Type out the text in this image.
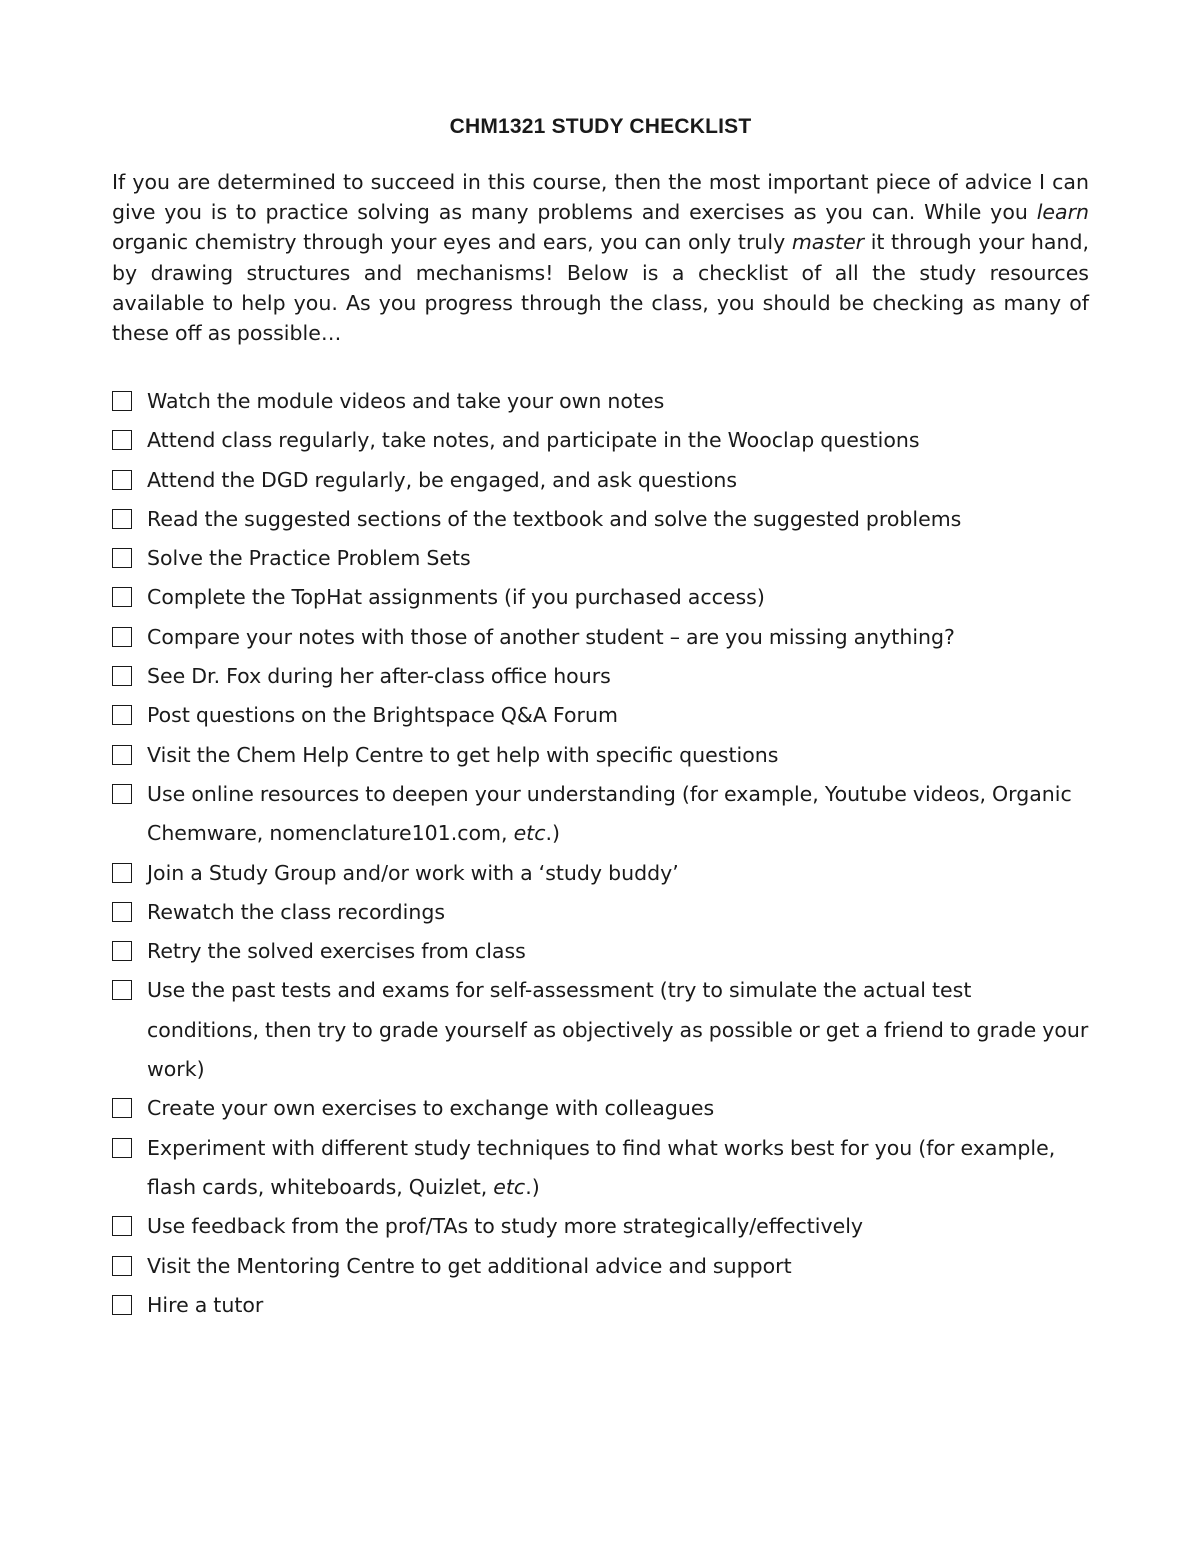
CHM1321 STUDY CHECKLIST
If you are determined to succeed in this course, then the most important piece of advice I can give you is to practice solving as many problems and exercises as you can. While you learn organic chemistry through your eyes and ears, you can only truly master it through your hand, by drawing structures and mechanisms! Below is a checklist of all the study resources available to help you. As you progress through the class, you should be checking as many of these off as possible…
Watch the module videos and take your own notes
Attend class regularly, take notes, and participate in the Wooclap questions
Attend the DGD regularly, be engaged, and ask questions
Read the suggested sections of the textbook and solve the suggested problems
Solve the Practice Problem Sets
Complete the TopHat assignments (if you purchased access)
Compare your notes with those of another student – are you missing anything?
See Dr. Fox during her after-class office hours
Post questions on the Brightspace Q&A Forum
Visit the Chem Help Centre to get help with specific questions
Use online resources to deepen your understanding (for example, Youtube videos, Organic Chemware, nomenclature101.com, etc.)
Join a Study Group and/or work with a ‘study buddy’
Rewatch the class recordings
Retry the solved exercises from class
Use the past tests and exams for self-assessment (try to simulate the actual test conditions, then try to grade yourself as objectively as possible or get a friend to grade your work)
Create your own exercises to exchange with colleagues
Experiment with different study techniques to find what works best for you (for example, flash cards, whiteboards, Quizlet, etc.)
Use feedback from the prof/TAs to study more strategically/effectively
Visit the Mentoring Centre to get additional advice and support
Hire a tutor
